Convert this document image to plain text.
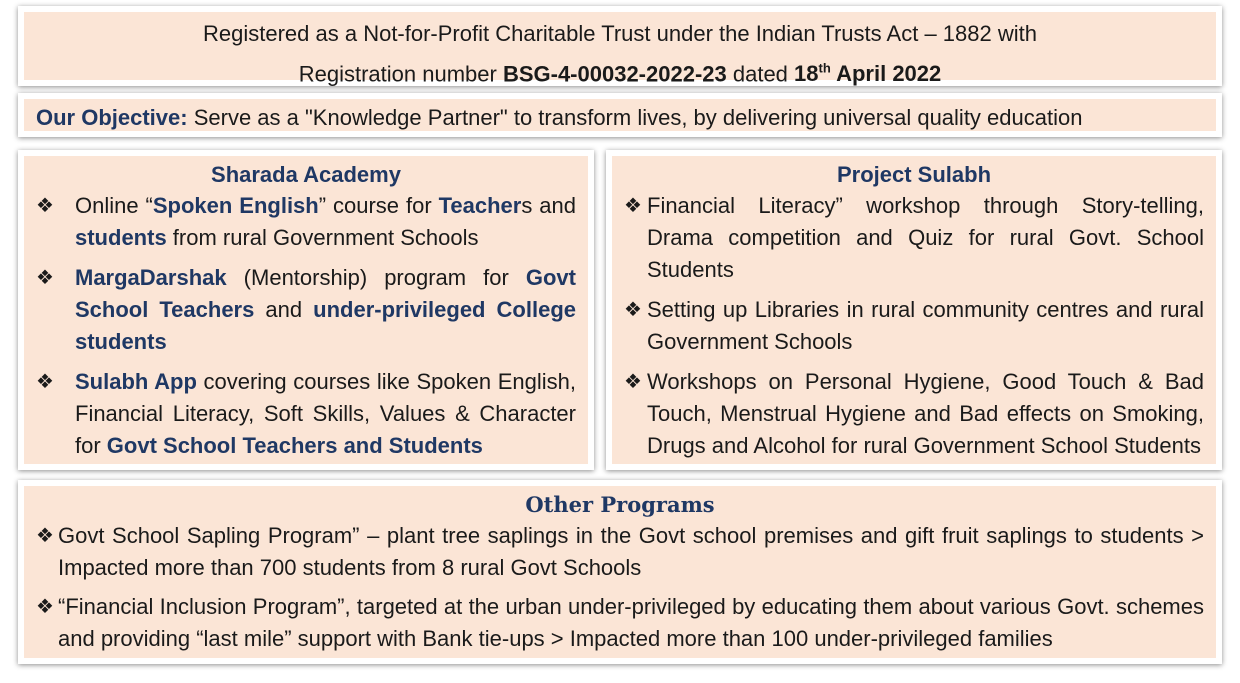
Registered as a Not-for-Profit Charitable Trust under the Indian Trusts Act – 1882 with
Registration number BSG-4-00032-2022-23 dated 18th April 2022
Our Objective: Serve as a "Knowledge Partner" to transform lives, by delivering universal quality education
Sharada Academy
❖ Online “Spoken English” course for Teachers and students from rural Government Schools
❖ MargaDarshak (Mentorship) program for Govt School Teachers and under-privileged College students
❖ Sulabh App covering courses like Spoken English, Financial Literacy, Soft Skills, Values & Character for Govt School Teachers and Students
Project Sulabh
❖ Financial Literacy” workshop through Story-telling, Drama competition and Quiz for rural Govt. School Students
❖ Setting up Libraries in rural community centres and rural Government Schools
❖ Workshops on Personal Hygiene, Good Touch & Bad Touch, Menstrual Hygiene and Bad effects on Smoking, Drugs and Alcohol for rural Government School Students
Other Programs
❖ Govt School Sapling Program” – plant tree saplings in the Govt school premises and gift fruit saplings to students > Impacted more than 700 students from 8 rural Govt Schools
❖ “Financial Inclusion Program”, targeted at the urban under-privileged by educating them about various Govt. schemes and providing “last mile” support with Bank tie-ups > Impacted more than 100 under-privileged families
